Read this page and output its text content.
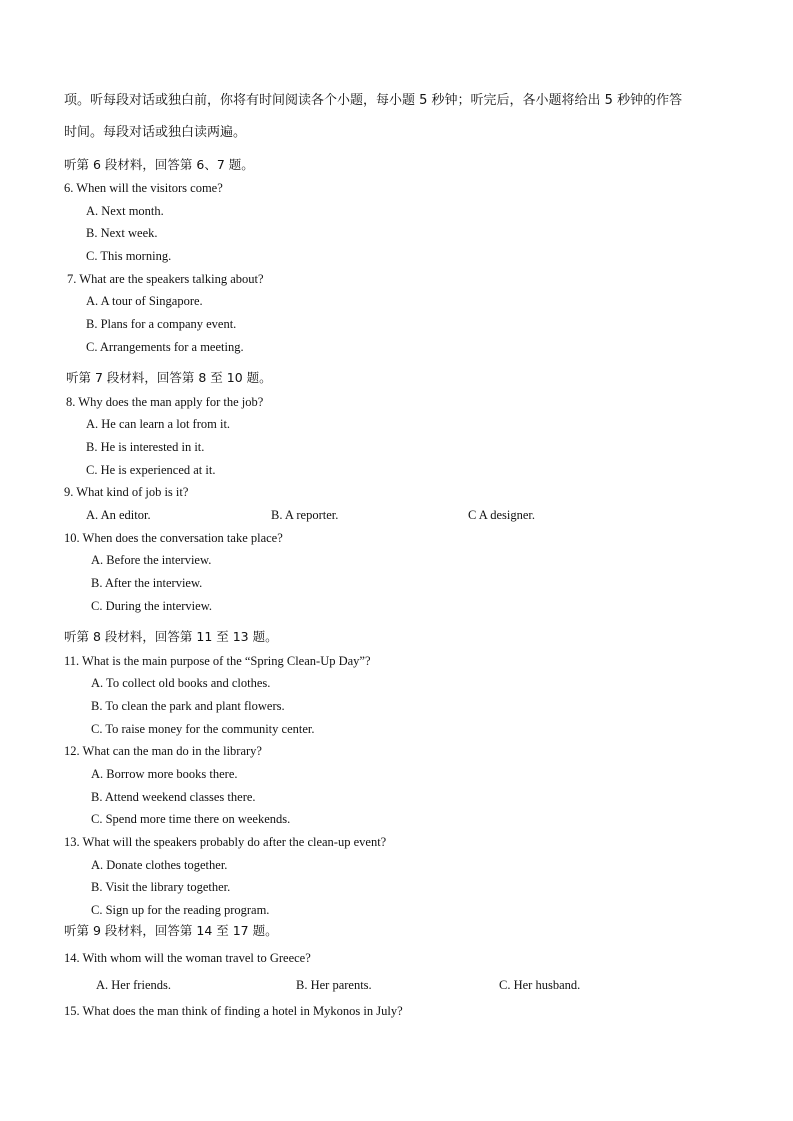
项。听每段对话或独白前，你将有时间阅读各个小题，每小题 5 秒钟；听完后，各小题将给出 5 秒钟的作答
时间。每段对话或独白读两遍。
听第 6 段材料，回答第 6、7 题。
6. When will the visitors come?
A. Next month.
B. Next week.
C. This morning.
7. What are the speakers talking about?
A. A tour of Singapore.
B. Plans for a company event.
C. Arrangements for a meeting.
听第 7 段材料，回答第 8 至 10 题。
8. Why does the man apply for the job?
A. He can learn a lot from it.
B. He is interested in it.
C. He is experienced at it.
9. What kind of job is it?
A. An editor.	B. A reporter.	C A designer.
10. When does the conversation take place?
A. Before the interview.
B. After the interview.
C. During the interview.
听第 8 段材料，回答第 11 至 13 题。
11. What is the main purpose of the “Spring Clean-Up Day”?
A. To collect old books and clothes.
B. To clean the park and plant flowers.
C. To raise money for the community center.
12. What can the man do in the library?
A. Borrow more books there.
B. Attend weekend classes there.
C. Spend more time there on weekends.
13. What will the speakers probably do after the clean-up event?
A. Donate clothes together.
B. Visit the library together.
C. Sign up for the reading program.
听第 9 段材料，回答第 14 至 17 题。
14. With whom will the woman travel to Greece?
A. Her friends.	B. Her parents.	C. Her husband.
15. What does the man think of finding a hotel in Mykonos in July?
